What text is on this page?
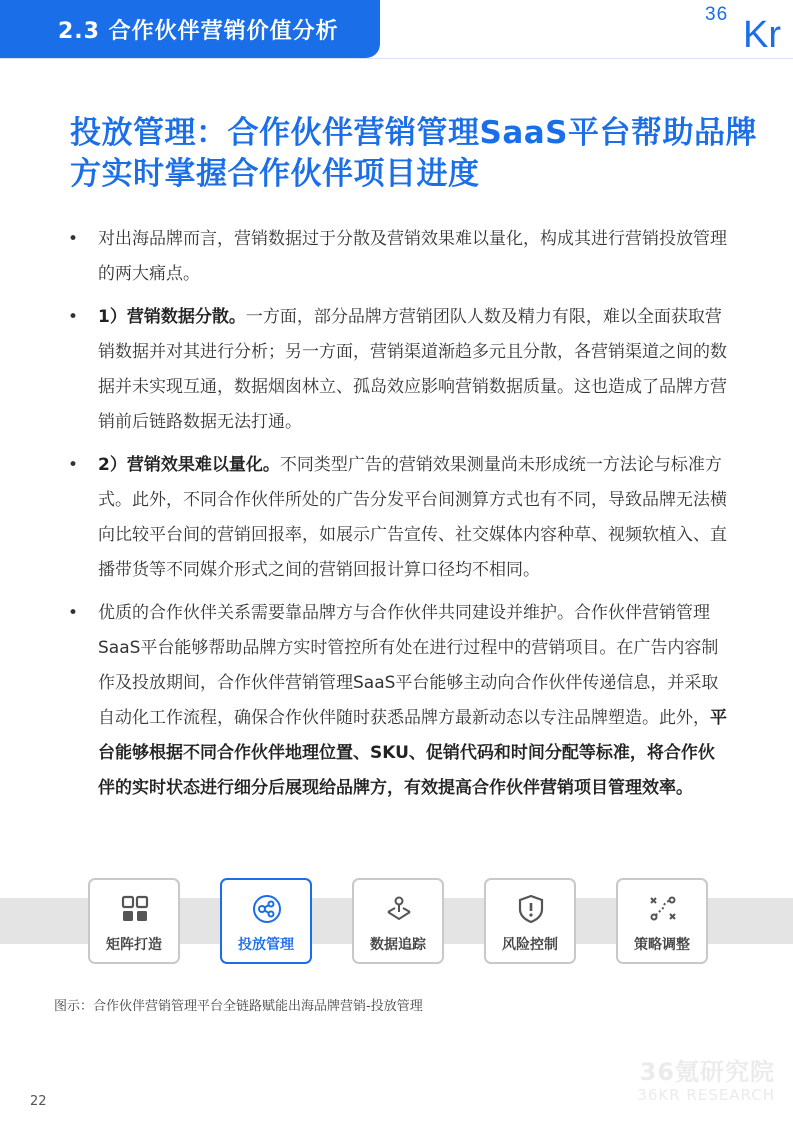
2.3 合作伙伴营销价值分析
36 Kr
投放管理：合作伙伴营销管理SaaS平台帮助品牌方实时掌握合作伙伴项目进度
• 对出海品牌而言，营销数据过于分散及营销效果难以量化，构成其进行营销投放管理的两大痛点。
• 1）营销数据分散。一方面，部分品牌方营销团队人数及精力有限，难以全面获取营销数据并对其进行分析；另一方面，营销渠道渐趋多元且分散，各营销渠道之间的数据并未实现互通，数据烟囱林立、孤岛效应影响营销数据质量。这也造成了品牌方营销前后链路数据无法打通。
• 2）营销效果难以量化。不同类型广告的营销效果测量尚未形成统一方法论与标准方式。此外，不同合作伙伴所处的广告分发平台间测算方式也有不同，导致品牌无法横向比较平台间的营销回报率，如展示广告宣传、社交媒体内容种草、视频软植入、直播带货等不同媒介形式之间的营销回报计算口径均不相同。
• 优质的合作伙伴关系需要靠品牌方与合作伙伴共同建设并维护。合作伙伴营销管理SaaS平台能够帮助品牌方实时管控所有处在进行过程中的营销项目。在广告内容制作及投放期间，合作伙伴营销管理SaaS平台能够主动向合作伙伴传递信息，并采取自动化工作流程，确保合作伙伴随时获悉品牌方最新动态以专注品牌塑造。此外，平台能够根据不同合作伙伴地理位置、SKU、促销代码和时间分配等标准，将合作伙伴的实时状态进行细分后展现给品牌方，有效提高合作伙伴营销项目管理效率。
矩阵打造	投放管理	数据追踪	风险控制	策略调整
图示：合作伙伴营销管理平台全链路赋能出海品牌营销-投放管理
36氪研究院
36KR RESEARCH
22
